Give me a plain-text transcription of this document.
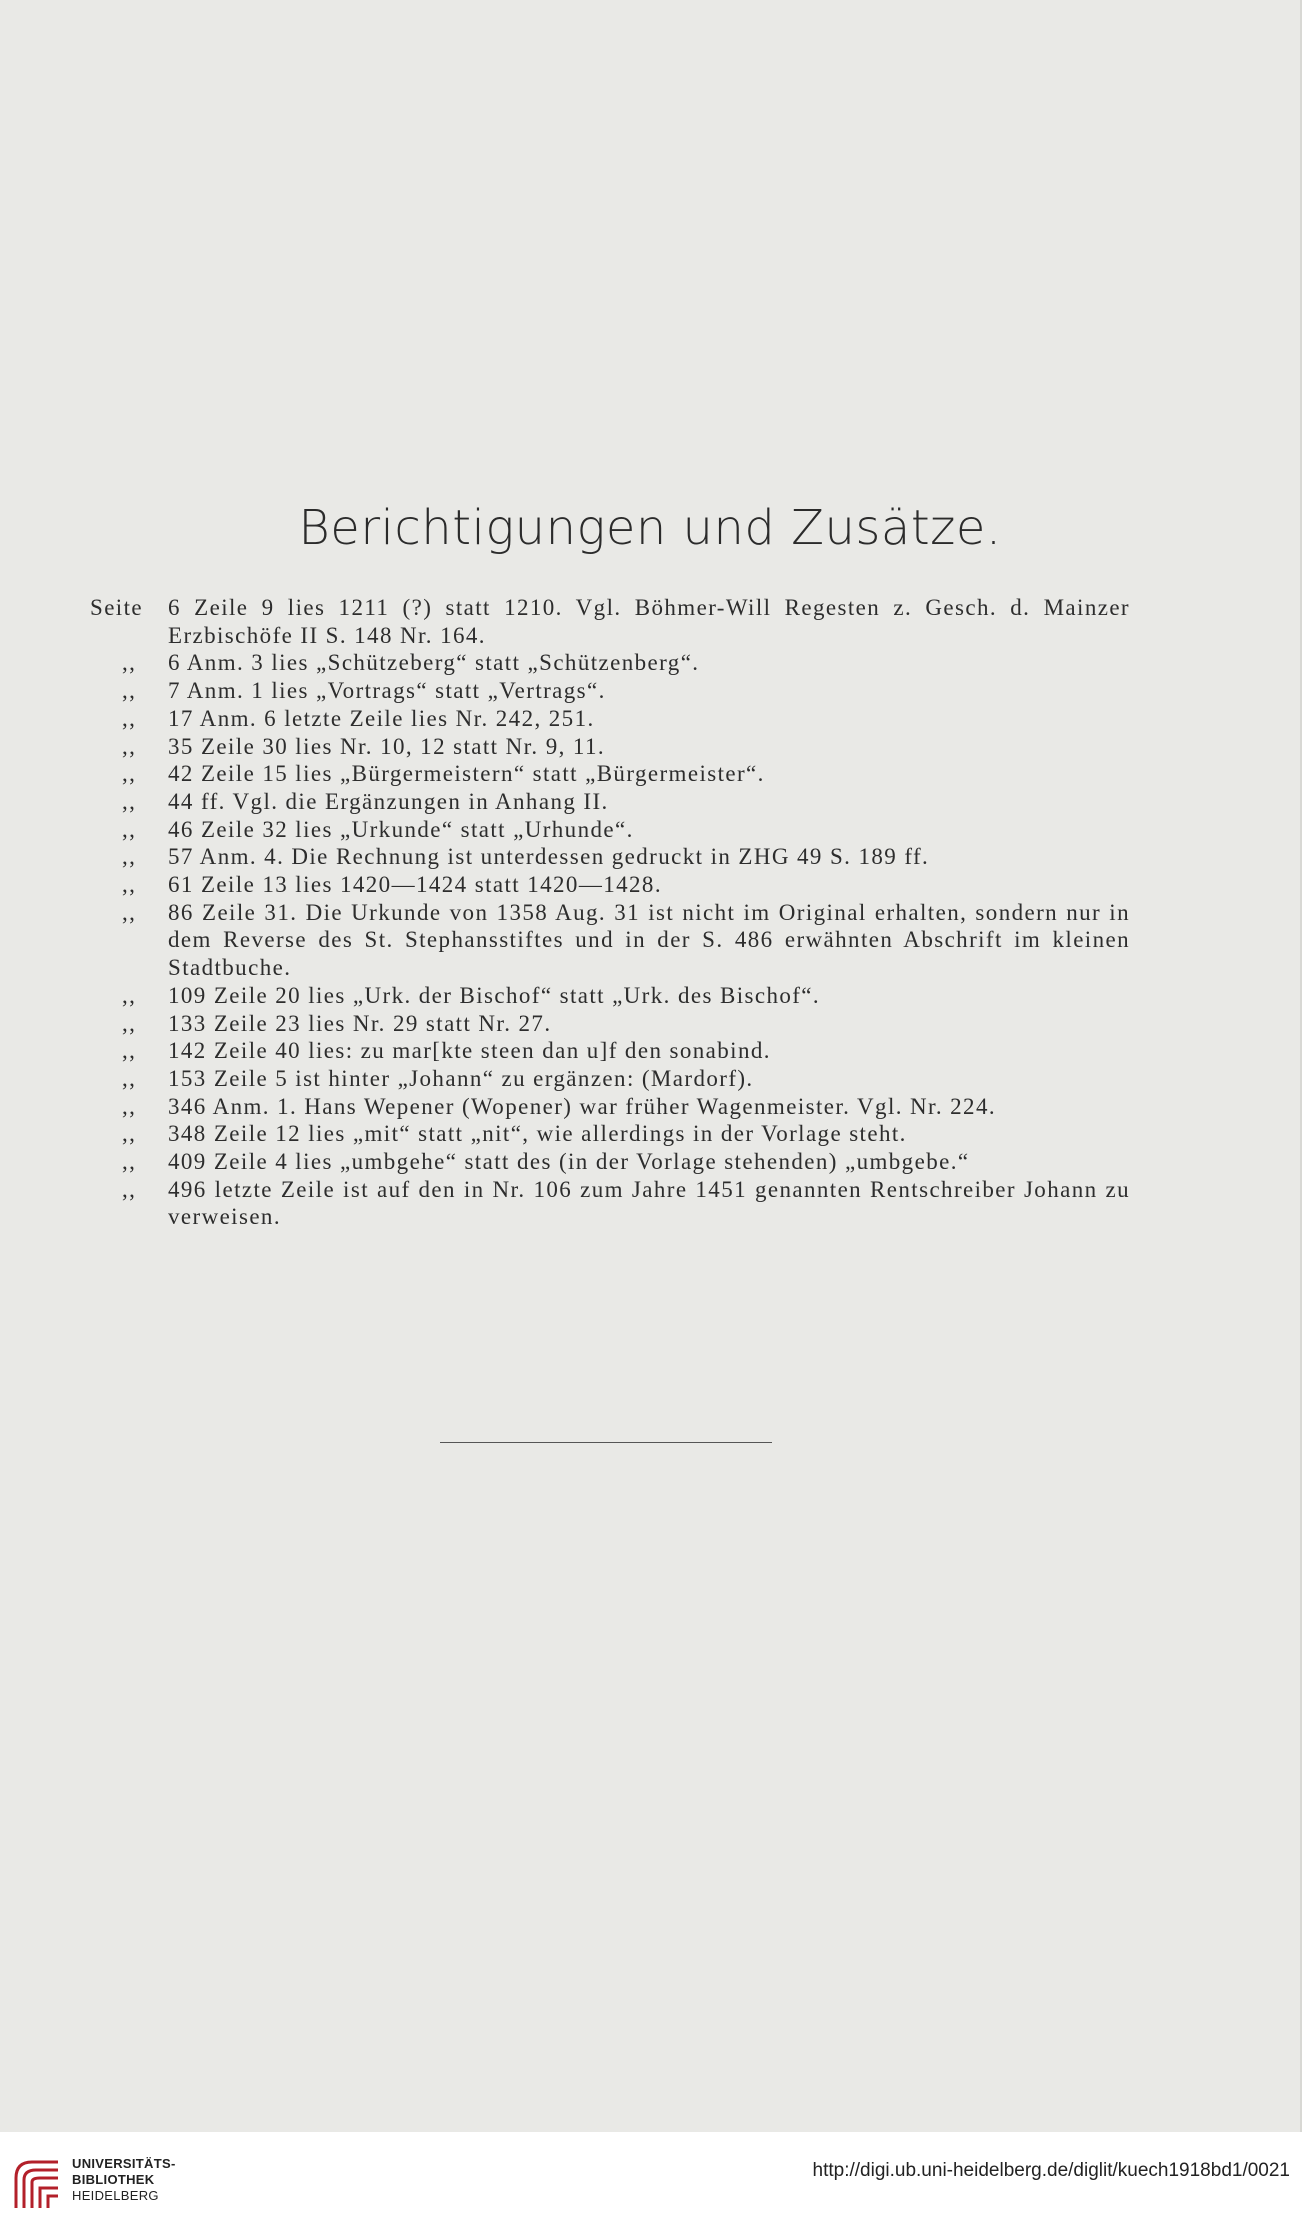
Berichtigungen und Zusätze.
Seite 6 Zeile 9 lies 1211 (?) statt 1210. Vgl. Böhmer-Will Regesten z. Gesch. d. Mainzer Erzbischöfe II S. 148 Nr. 164.
,, 6 Anm. 3 lies „Schützeberg“ statt „Schützenberg“.
,, 7 Anm. 1 lies „Vortrags“ statt „Vertrags“.
,, 17 Anm. 6 letzte Zeile lies Nr. 242, 251.
,, 35 Zeile 30 lies Nr. 10, 12 statt Nr. 9, 11.
,, 42 Zeile 15 lies „Bürgermeistern“ statt „Bürgermeister“.
,, 44 ff. Vgl. die Ergänzungen in Anhang II.
,, 46 Zeile 32 lies „Urkunde“ statt „Urhunde“.
,, 57 Anm. 4. Die Rechnung ist unterdessen gedruckt in ZHG 49 S. 189 ff.
,, 61 Zeile 13 lies 1420—1424 statt 1420—1428.
,, 86 Zeile 31. Die Urkunde von 1358 Aug. 31 ist nicht im Original erhalten, sondern nur in dem Reverse des St. Stephansstiftes und in der S. 486 erwähnten Abschrift im kleinen Stadtbuche.
,, 109 Zeile 20 lies „Urk. der Bischof“ statt „Urk. des Bischof“.
,, 133 Zeile 23 lies Nr. 29 statt Nr. 27.
,, 142 Zeile 40 lies: zu mar[kte steen dan u]f den sonabind.
,, 153 Zeile 5 ist hinter „Johann“ zu ergänzen: (Mardorf).
,, 346 Anm. 1. Hans Wepener (Wopener) war früher Wagenmeister. Vgl. Nr. 224.
,, 348 Zeile 12 lies „mit“ statt „nit“, wie allerdings in der Vorlage steht.
,, 409 Zeile 4 lies „umbgehe“ statt des (in der Vorlage stehenden) „umbgebe.“
,, 496 letzte Zeile ist auf den in Nr. 106 zum Jahre 1451 genannten Rentschreiber Johann zu verweisen.
UNIVERSITÄTS-
BIBLIOTHEK
HEIDELBERG
http://digi.ub.uni-heidelberg.de/diglit/kuech1918bd1/0021
